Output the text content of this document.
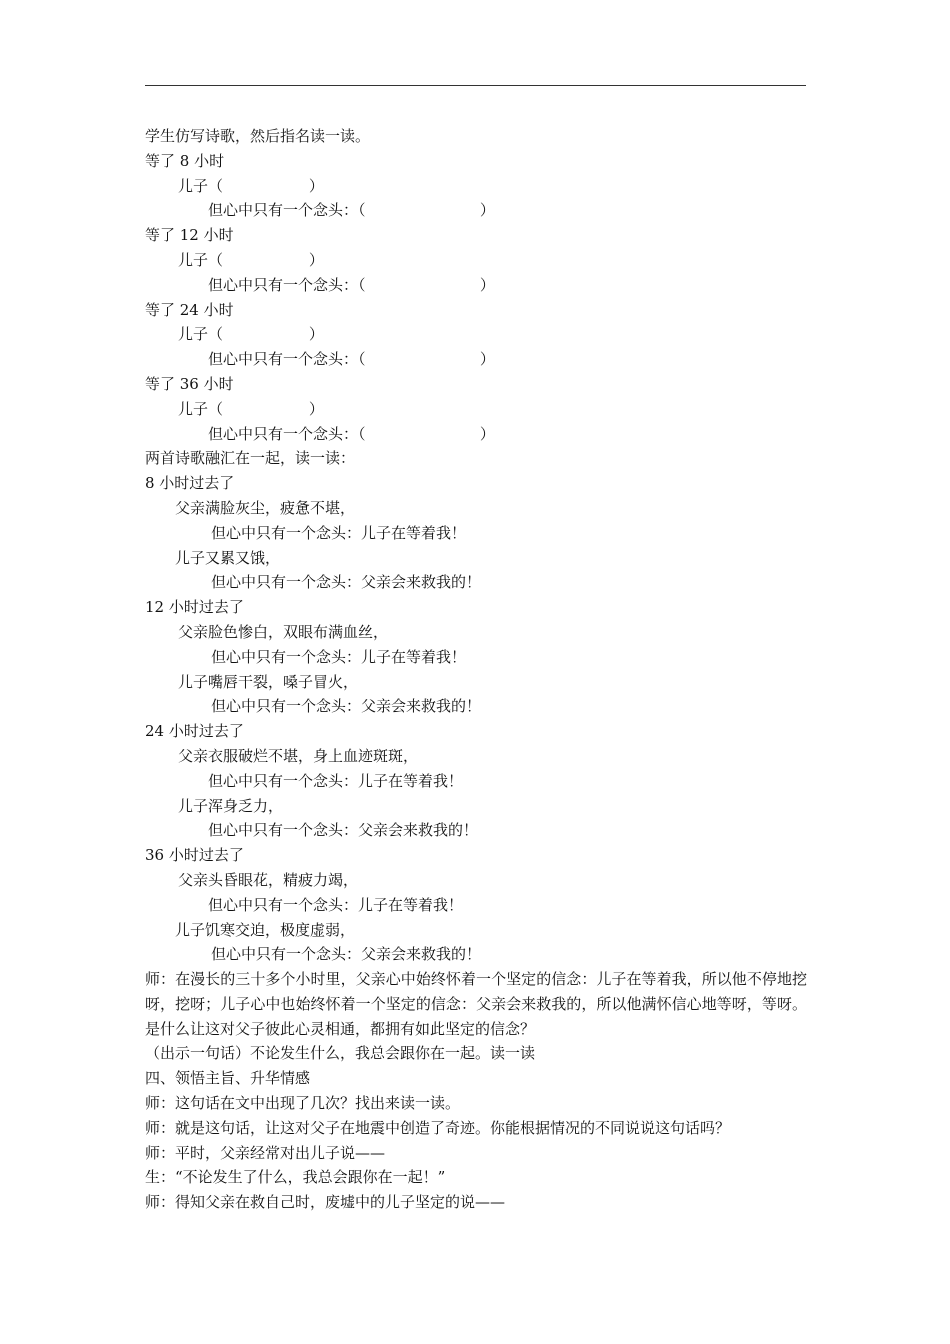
学生仿写诗歌，然后指名读一读。
等了 8 小时
儿子（                  ）
但心中只有一个念头：（                        ）
等了 12 小时
儿子（                  ）
但心中只有一个念头：（                        ）
等了 24 小时
儿子（                  ）
但心中只有一个念头：（                        ）
等了 36 小时
儿子（                  ）
但心中只有一个念头：（                        ）
两首诗歌融汇在一起，读一读：
8 小时过去了
父亲满脸灰尘，疲惫不堪，
但心中只有一个念头：儿子在等着我！
儿子又累又饿，
但心中只有一个念头：父亲会来救我的！
12 小时过去了
父亲脸色惨白，双眼布满血丝，
但心中只有一个念头：儿子在等着我！
儿子嘴唇干裂，嗓子冒火，
但心中只有一个念头：父亲会来救我的！
24 小时过去了
父亲衣服破烂不堪，身上血迹斑斑，
但心中只有一个念头：儿子在等着我！
儿子浑身乏力，
但心中只有一个念头：父亲会来救我的！
36 小时过去了
父亲头昏眼花，精疲力竭，
但心中只有一个念头：儿子在等着我！
儿子饥寒交迫，极度虚弱，
但心中只有一个念头：父亲会来救我的！
师：在漫长的三十多个小时里，父亲心中始终怀着一个坚定的信念：儿子在等着我，所以他不停地挖呀，挖呀；儿子心中也始终怀着一个坚定的信念：父亲会来救我的，所以他满怀信心地等呀，等呀。是什么让这对父子彼此心灵相通，都拥有如此坚定的信念？
（出示一句话）不论发生什么，我总会跟你在一起。读一读
四、领悟主旨、升华情感
师：这句话在文中出现了几次？找出来读一读。
师：就是这句话，让这对父子在地震中创造了奇迹。你能根据情况的不同说说这句话吗？
师：平时，父亲经常对出儿子说——
生：“不论发生了什么，我总会跟你在一起！”
师：得知父亲在救自己时，废墟中的儿子坚定的说——
